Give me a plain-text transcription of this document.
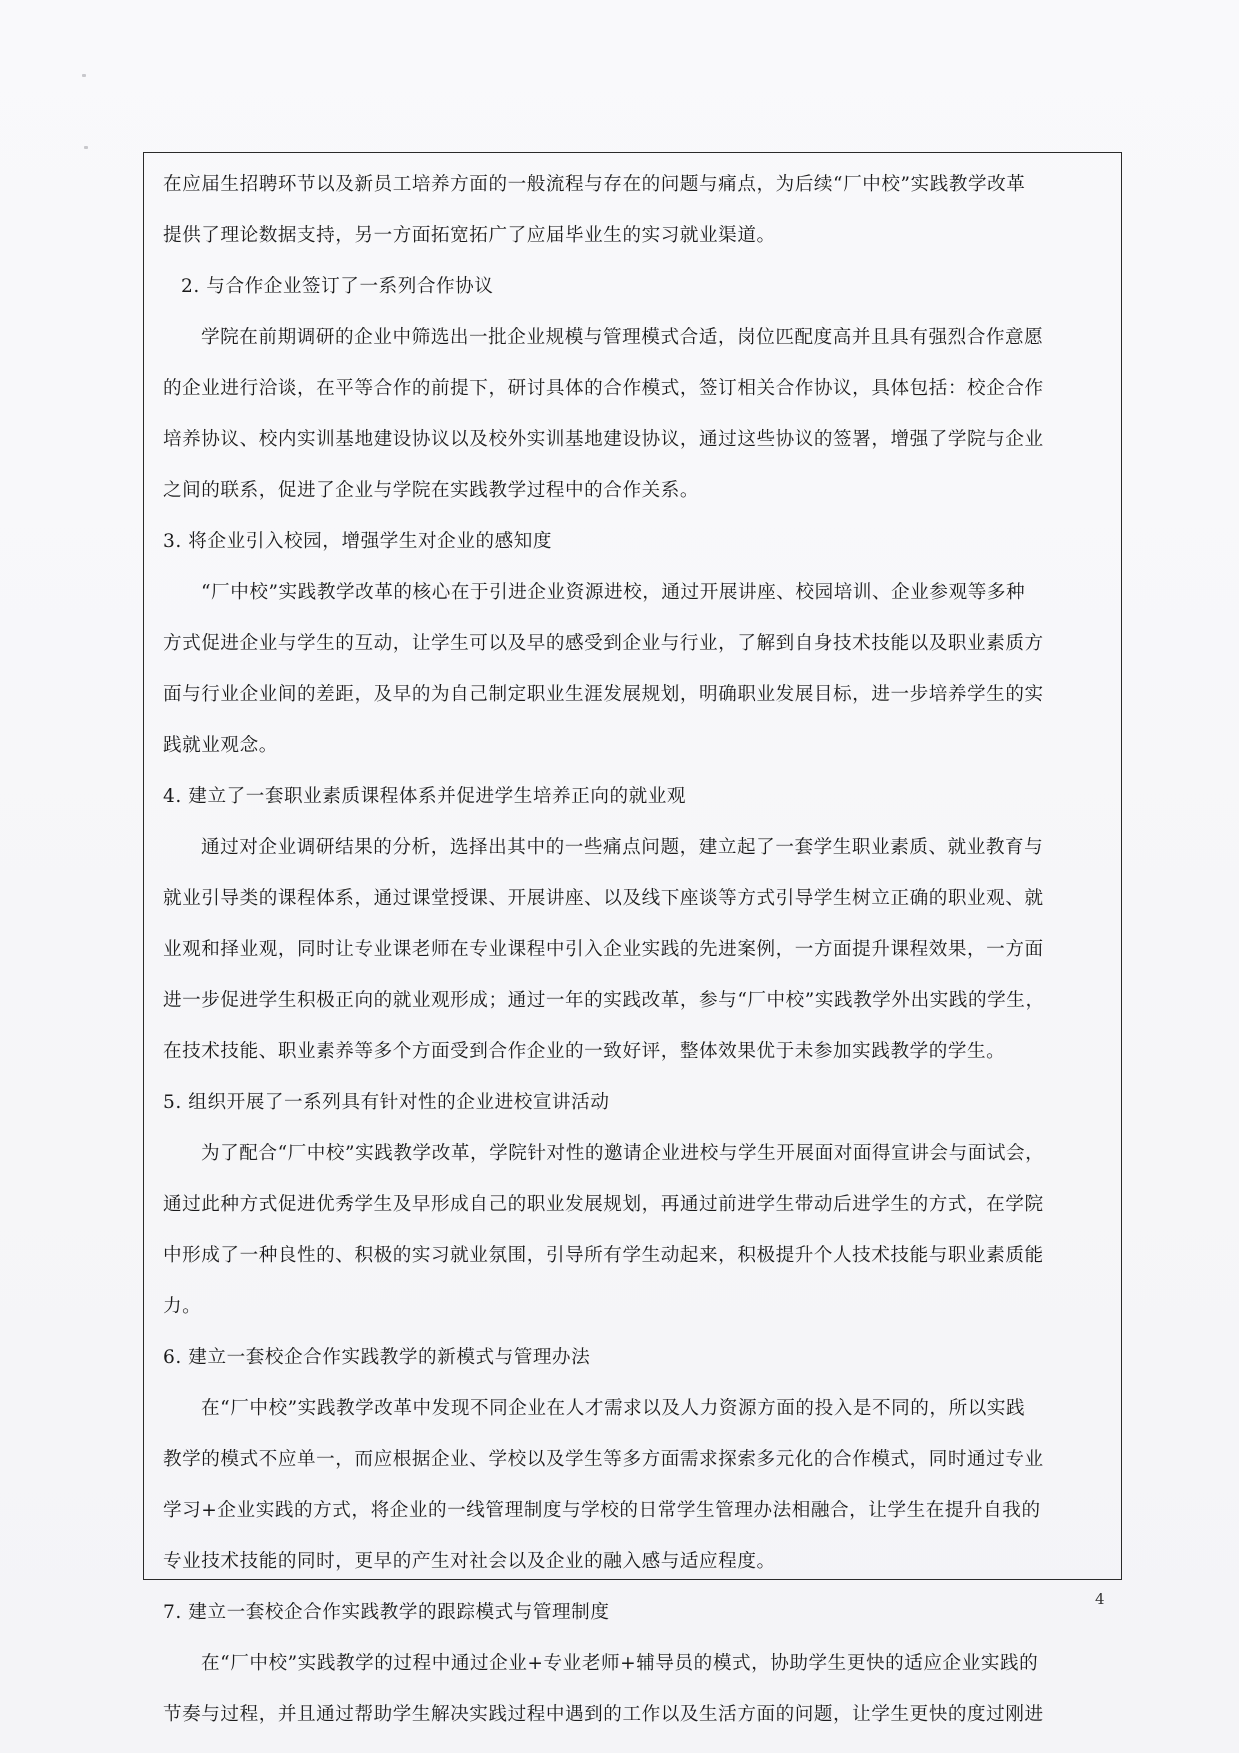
在应届生招聘环节以及新员工培养方面的一般流程与存在的问题与痛点，为后续“厂中校”实践教学改革
提供了理论数据支持，另一方面拓宽拓广了应届毕业生的实习就业渠道。
2. 与合作企业签订了一系列合作协议
学院在前期调研的企业中筛选出一批企业规模与管理模式合适，岗位匹配度高并且具有强烈合作意愿
的企业进行洽谈，在平等合作的前提下，研讨具体的合作模式，签订相关合作协议，具体包括：校企合作
培养协议、校内实训基地建设协议以及校外实训基地建设协议，通过这些协议的签署，增强了学院与企业
之间的联系，促进了企业与学院在实践教学过程中的合作关系。
3. 将企业引入校园，增强学生对企业的感知度
“厂中校”实践教学改革的核心在于引进企业资源进校，通过开展讲座、校园培训、企业参观等多种
方式促进企业与学生的互动，让学生可以及早的感受到企业与行业，了解到自身技术技能以及职业素质方
面与行业企业间的差距，及早的为自己制定职业生涯发展规划，明确职业发展目标，进一步培养学生的实
践就业观念。
4. 建立了一套职业素质课程体系并促进学生培养正向的就业观
通过对企业调研结果的分析，选择出其中的一些痛点问题，建立起了一套学生职业素质、就业教育与
就业引导类的课程体系，通过课堂授课、开展讲座、以及线下座谈等方式引导学生树立正确的职业观、就
业观和择业观，同时让专业课老师在专业课程中引入企业实践的先进案例，一方面提升课程效果，一方面
进一步促进学生积极正向的就业观形成；通过一年的实践改革，参与“厂中校”实践教学外出实践的学生，
在技术技能、职业素养等多个方面受到合作企业的一致好评，整体效果优于未参加实践教学的学生。
5. 组织开展了一系列具有针对性的企业进校宣讲活动
为了配合“厂中校”实践教学改革，学院针对性的邀请企业进校与学生开展面对面得宣讲会与面试会，
通过此种方式促进优秀学生及早形成自己的职业发展规划，再通过前进学生带动后进学生的方式，在学院
中形成了一种良性的、积极的实习就业氛围，引导所有学生动起来，积极提升个人技术技能与职业素质能
力。
6. 建立一套校企合作实践教学的新模式与管理办法
在“厂中校”实践教学改革中发现不同企业在人才需求以及人力资源方面的投入是不同的，所以实践
教学的模式不应单一，而应根据企业、学校以及学生等多方面需求探索多元化的合作模式，同时通过专业
学习+企业实践的方式，将企业的一线管理制度与学校的日常学生管理办法相融合，让学生在提升自我的
专业技术技能的同时，更早的产生对社会以及企业的融入感与适应程度。
7. 建立一套校企合作实践教学的跟踪模式与管理制度
在“厂中校”实践教学的过程中通过企业+专业老师+辅导员的模式，协助学生更快的适应企业实践的
节奏与过程，并且通过帮助学生解决实践过程中遇到的工作以及生活方面的问题，让学生更快的度过刚进
4
